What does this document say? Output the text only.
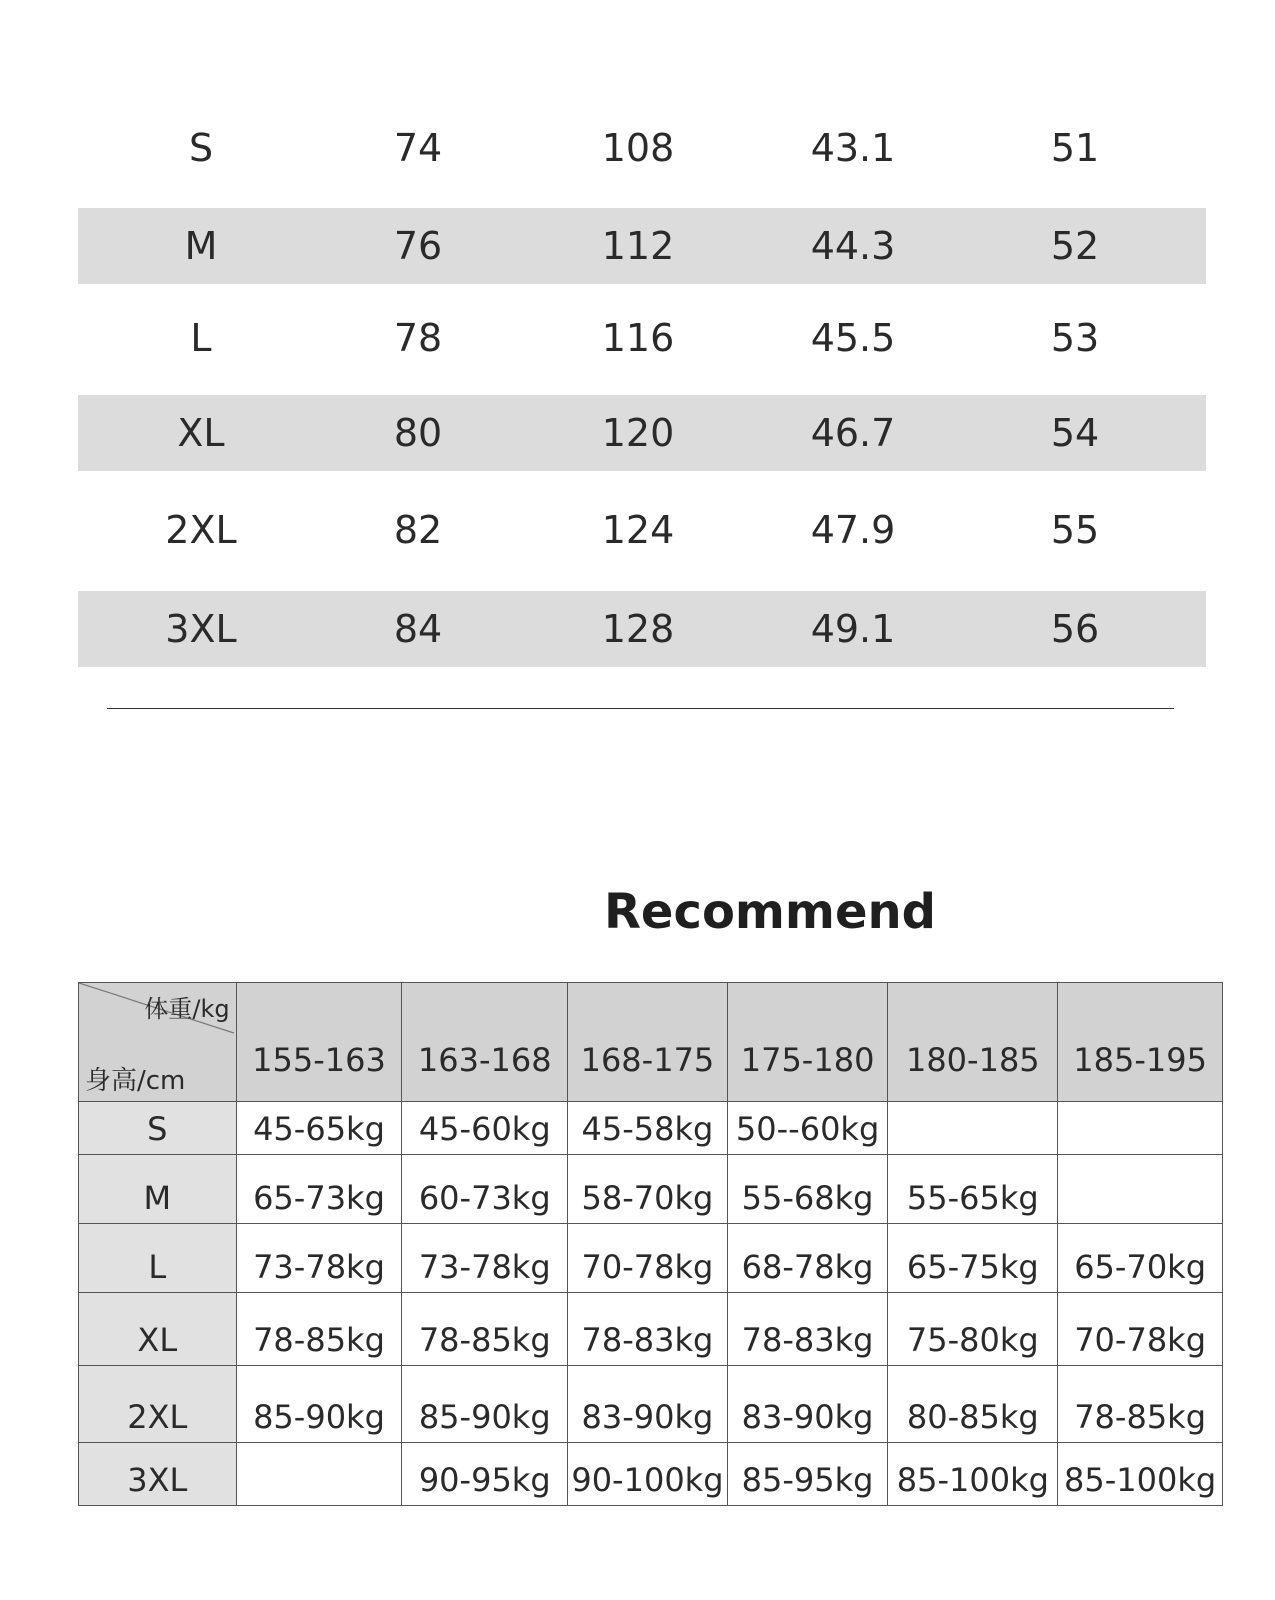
S	74	108	43.1	51
M	76	112	44.3	52
L	78	116	45.5	53
XL	80	120	46.7	54
2XL	82	124	47.9	55
3XL	84	128	49.1	56
Recommend
体重/kg
身高/cm	155-163	163-168	168-175	175-180	180-185	185-195
S	45-65kg	45-60kg	45-58kg	50--60kg		
M	65-73kg	60-73kg	58-70kg	55-68kg	55-65kg	
L	73-78kg	73-78kg	70-78kg	68-78kg	65-75kg	65-70kg
XL	78-85kg	78-85kg	78-83kg	78-83kg	75-80kg	70-78kg
2XL	85-90kg	85-90kg	83-90kg	83-90kg	80-85kg	78-85kg
3XL		90-95kg	90-100kg	85-95kg	85-100kg	85-100kg
